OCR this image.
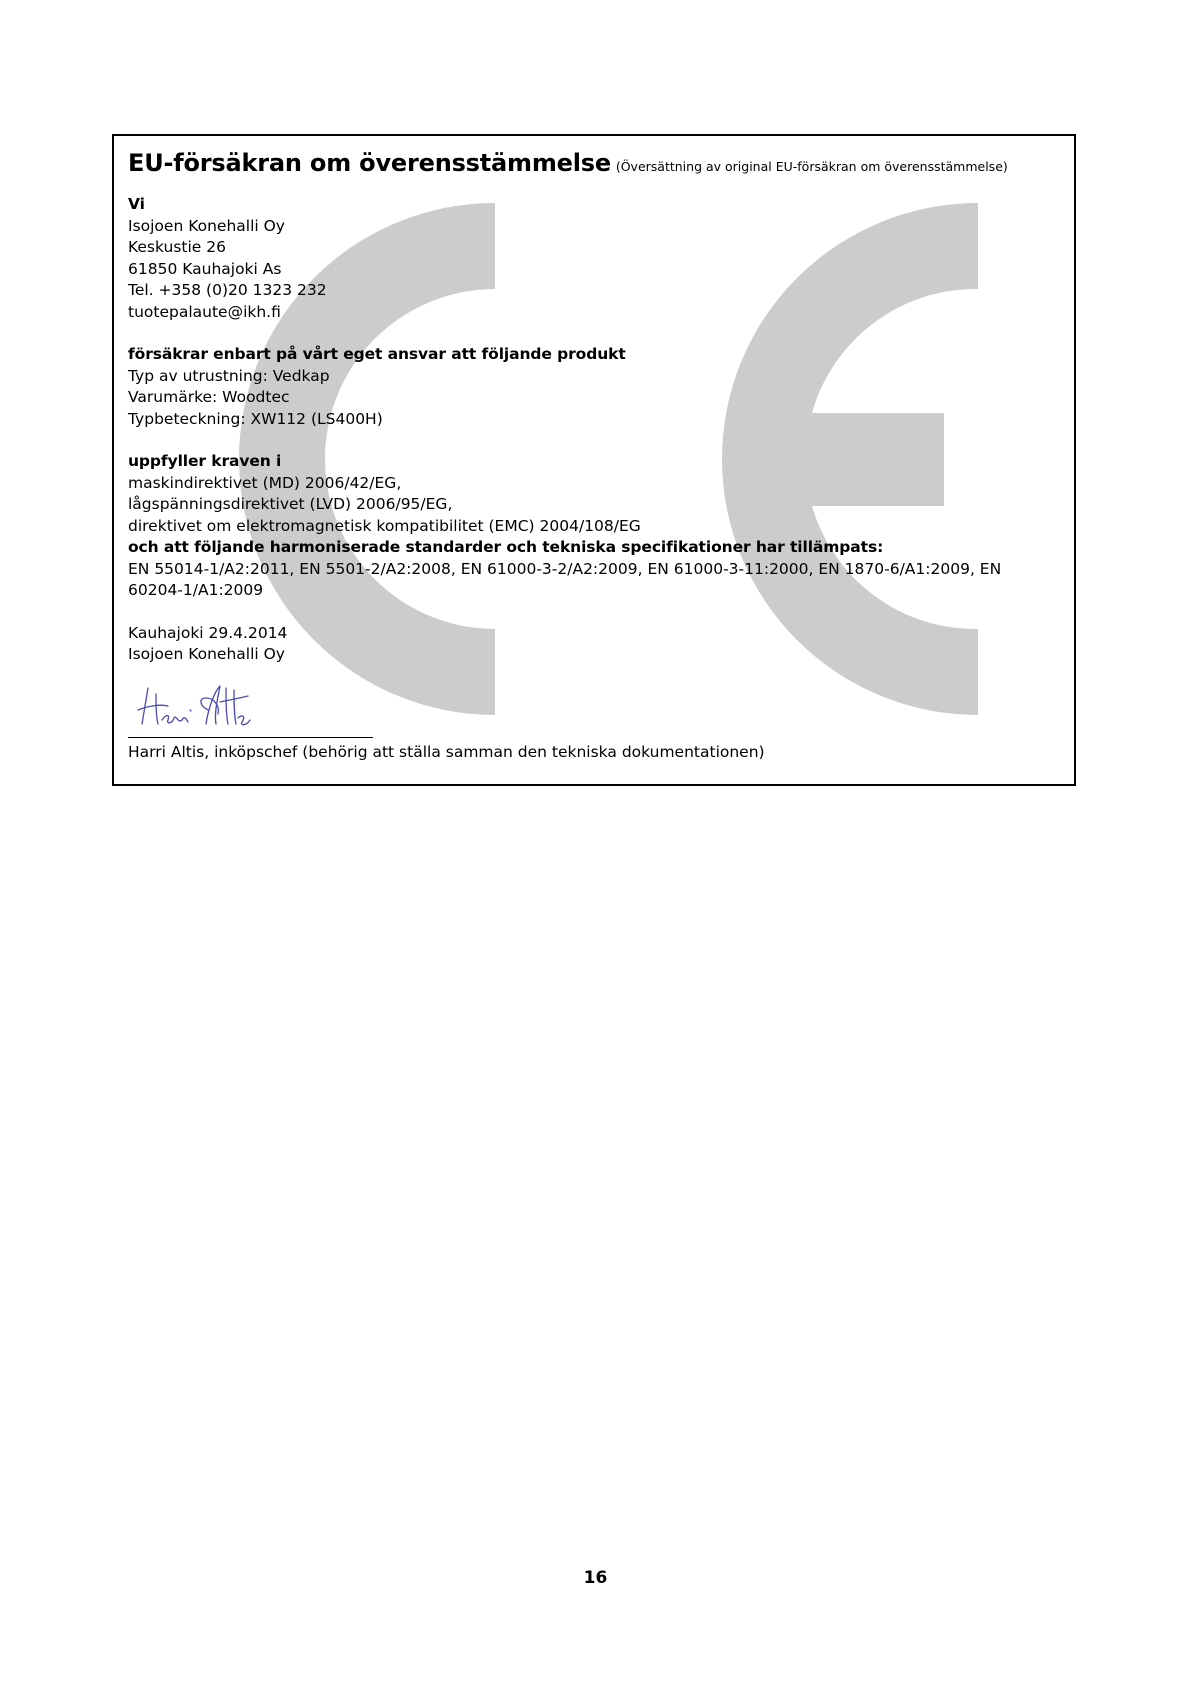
EU-försäkran om överensstämmelse (Översättning av original EU-försäkran om överensstämmelse)
Vi
Isojoen Konehalli Oy
Keskustie 26
61850 Kauhajoki As
Tel. +358 (0)20 1323 232
tuotepalaute@ikh.fi
försäkrar enbart på vårt eget ansvar att följande produkt
Typ av utrustning: Vedkap
Varumärke: Woodtec
Typbeteckning: XW112 (LS400H)
uppfyller kraven i
maskindirektivet (MD) 2006/42/EG,
lågspänningsdirektivet (LVD) 2006/95/EG,
direktivet om elektromagnetisk kompatibilitet (EMC) 2004/108/EG
och att följande harmoniserade standarder och tekniska specifikationer har tillämpats:
EN 55014-1/A2:2011, EN 5501-2/A2:2008, EN 61000-3-2/A2:2009, EN 61000-3-11:2000, EN 1870-6/A1:2009, EN 60204-1/A1:2009
Kauhajoki 29.4.2014
Isojoen Konehalli Oy
Harri Altis, inköpschef (behörig att ställa samman den tekniska dokumentationen)
16
